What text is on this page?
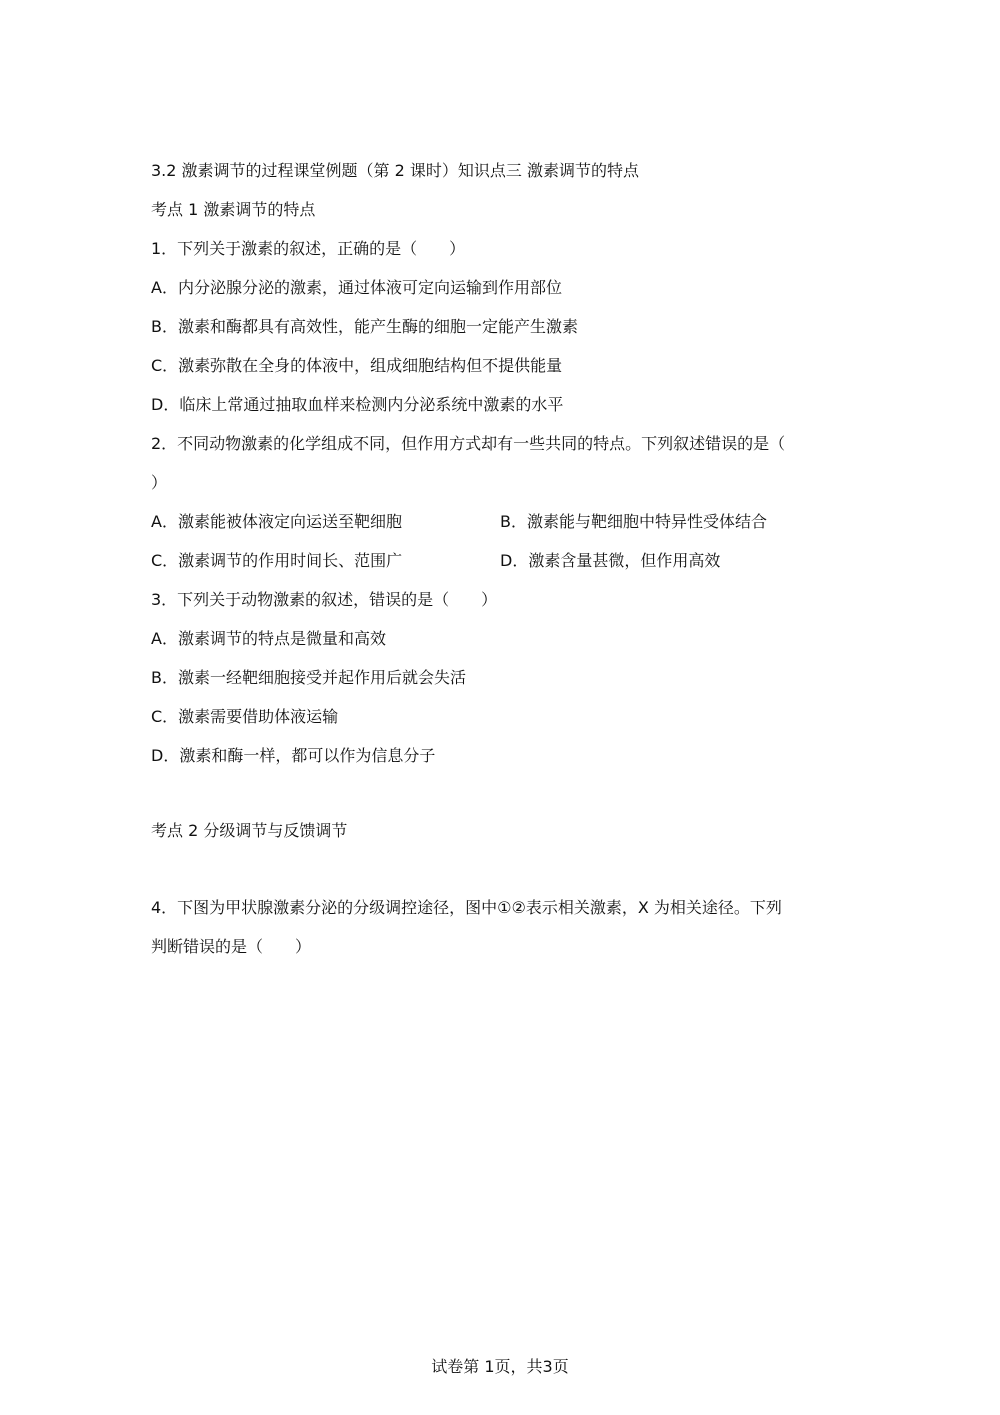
3.2 激素调节的过程课堂例题（第 2 课时）知识点三 激素调节的特点
考点 1 激素调节的特点
1．下列关于激素的叙述，正确的是（　　）
A．内分泌腺分泌的激素，通过体液可定向运输到作用部位
B．激素和酶都具有高效性，能产生酶的细胞一定能产生激素
C．激素弥散在全身的体液中，组成细胞结构但不提供能量
D．临床上常通过抽取血样来检测内分泌系统中激素的水平
2．不同动物激素的化学组成不同，但作用方式却有一些共同的特点。下列叙述错误的是（
）
A．激素能被体液定向运送至靶细胞	B．激素能与靶细胞中特异性受体结合
C．激素调节的作用时间长、范围广	D．激素含量甚微，但作用高效
3．下列关于动物激素的叙述，错误的是（　　）
A．激素调节的特点是微量和高效
B．激素一经靶细胞接受并起作用后就会失活
C．激素需要借助体液运输
D．激素和酶一样，都可以作为信息分子
考点 2 分级调节与反馈调节
4．下图为甲状腺激素分泌的分级调控途径，图中①②表示相关激素，X 为相关途径。下列
判断错误的是（　　）
试卷第 1页，共3页
